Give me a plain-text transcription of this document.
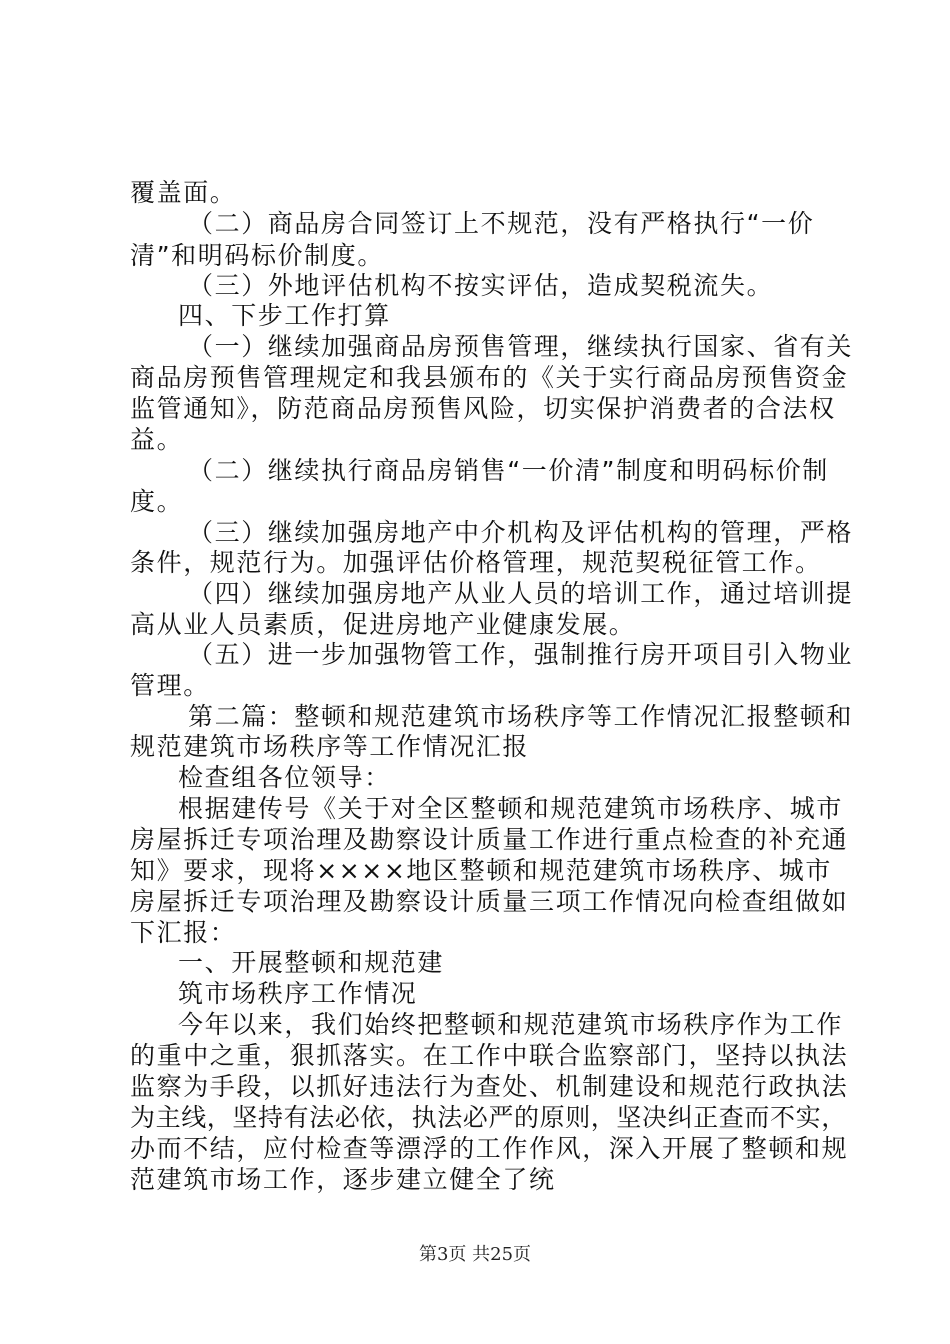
覆盖面。
（二）商品房合同签订上不规范，没有严格执行“一价
清”和明码标价制度。
（三）外地评估机构不按实评估，造成契税流失。
四、下步工作打算
（一）继续加强商品房预售管理，继续执行国家、省有关
商品房预售管理规定和我县颁布的《关于实行商品房预售资金
监管通知》，防范商品房预售风险，切实保护消费者的合法权
益。
（二）继续执行商品房销售“一价清”制度和明码标价制
度。
（三）继续加强房地产中介机构及评估机构的管理，严格
条件，规范行为。加强评估价格管理，规范契税征管工作。
（四）继续加强房地产从业人员的培训工作，通过培训提
高从业人员素质，促进房地产业健康发展。
（五）进一步加强物管工作，强制推行房开项目引入物业
管理。
第二篇：整顿和规范建筑市场秩序等工作情况汇报整顿和
规范建筑市场秩序等工作情况汇报
检查组各位领导：
根据建传号《关于对全区整顿和规范建筑市场秩序、城市
房屋拆迁专项治理及勘察设计质量工作进行重点检查的补充通
知》要求，现将××××地区整顿和规范建筑市场秩序、城市
房屋拆迁专项治理及勘察设计质量三项工作情况向检查组做如
下汇报：
一、开展整顿和规范建
筑市场秩序工作情况
今年以来，我们始终把整顿和规范建筑市场秩序作为工作
的重中之重，狠抓落实。在工作中联合监察部门，坚持以执法
监察为手段，以抓好违法行为查处、机制建设和规范行政执法
为主线，坚持有法必依，执法必严的原则，坚决纠正查而不实，
办而不结，应付检查等漂浮的工作作风，深入开展了整顿和规
范建筑市场工作，逐步建立健全了统
第3页 共25页
